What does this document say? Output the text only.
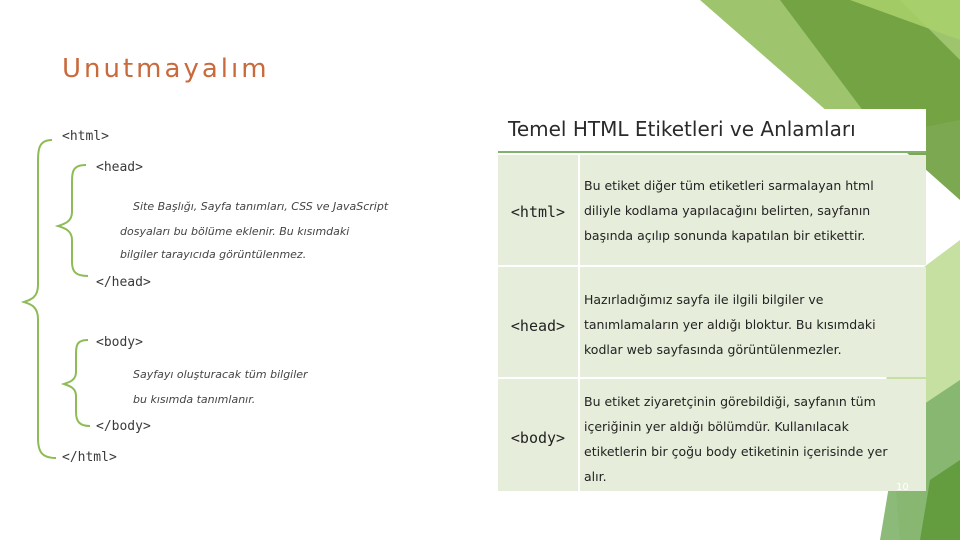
Unutmayalım
<html>
<head>
Site Başlığı, Sayfa tanımları, CSS ve JavaScript
dosyaları bu bölüme eklenir. Bu kısımdaki
bilgiler tarayıcıda görüntülenmez.
</head>
<body>
Sayfayı oluşturacak tüm bilgiler
bu kısımda tanımlanır.
</body>
</html>
Temel HTML Etiketleri ve Anlamları
<html>
Bu etiket diğer tüm etiketleri sarmalayan html
diliyle kodlama yapılacağını belirten, sayfanın
başında açılıp sonunda kapatılan bir etikettir.
<head>
Hazırladığımız sayfa ile ilgili bilgiler ve
tanımlamaların yer aldığı bloktur. Bu kısımdaki
kodlar web sayfasında görüntülenmezler.
<body>
Bu etiket ziyaretçinin görebildiği, sayfanın tüm
içeriğinin yer aldığı bölümdür. Kullanılacak
etiketlerin bir çoğu body etiketinin içerisinde yer
alır.
10
